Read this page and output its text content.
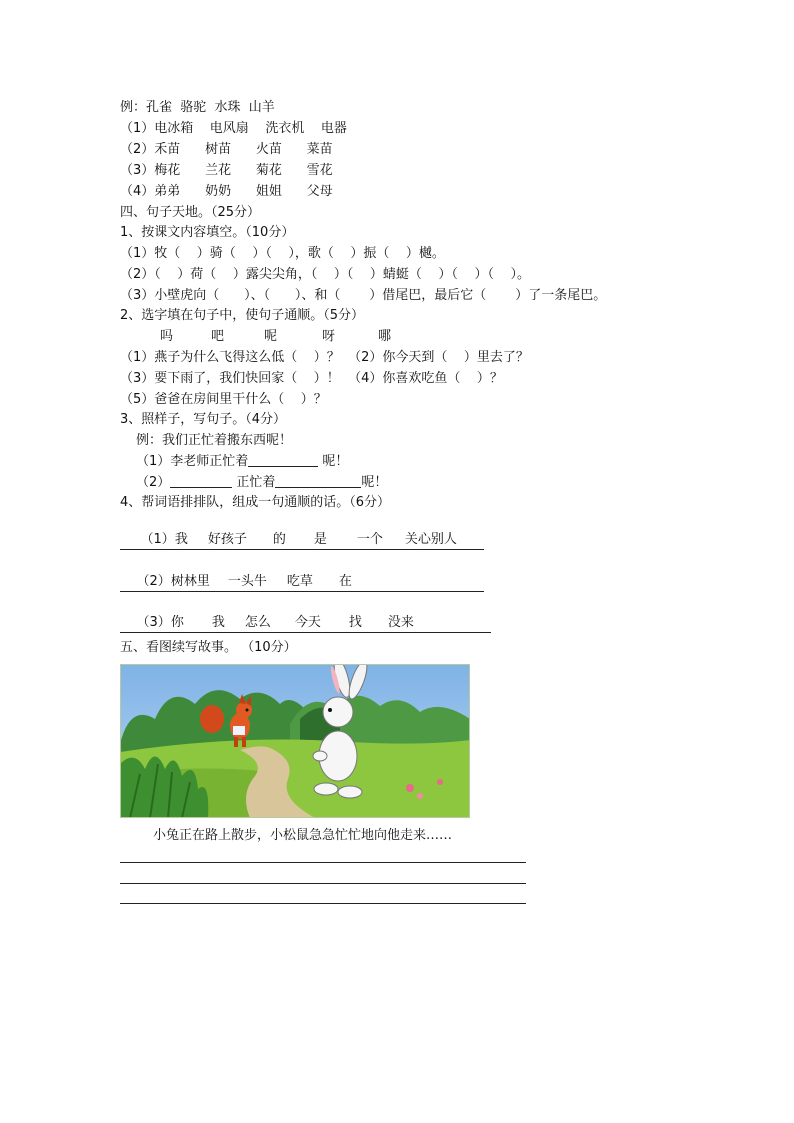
例：孔雀  骆驼  水珠  山羊
（1）电冰箱    电风扇    洗衣机    电器
（2）禾苗      树苗      火苗      菜苗
（3）梅花      兰花      菊花      雪花
（4）弟弟      奶奶      姐姐      父母
四、句子天地。（25分）
1、按课文内容填空。（10分）
（1）牧（    ）骑（    ）（    ），歌（    ）振（    ）樾。
（2）（    ）荷（    ）露尖尖角，（    ）（    ）蜻蜓（    ）（    ）（    ）。
（3）小壁虎向（      ）、（      ）、和（       ）借尾巴，最后它（       ）了一条尾巴。
2、选字填在句子中，使句子通顺。（5分）
吗	吧	呢	呀	哪
（1）燕子为什么飞得这么低（    ）？  （2）你今天到（    ）里去了？
（3）要下雨了，我们快回家（    ）！  （4）你喜欢吃鱼（    ）？
（5）爸爸在房间里干什么（    ）？
3、照样子，写句子。（4分）
例：我们正忙着搬东西呢！
（1）李老师正忙着	呢！
（2）	正忙着	呢！
4、帮词语排排队，组成一句通顺的话。（6分）

（1）我 好孩子 的 是 一个 关心别人

（2）树林里 一头牛 吃草 在

（3）你 我 怎么 今天 找 没来

五、看图续写故事。 （10分）
小兔正在路上散步，小松鼠急急忙忙地向他走来……
